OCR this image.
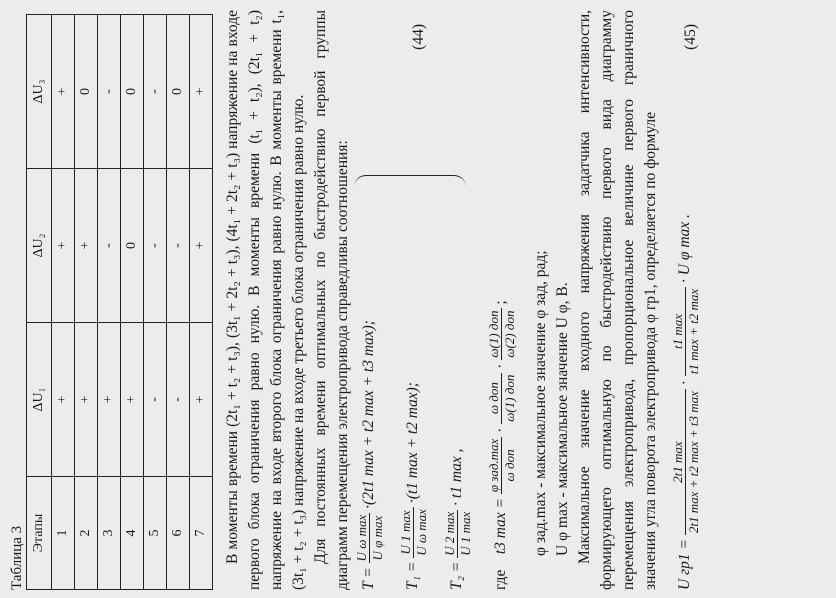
Таблица 3 Этапы	ΔU₁	ΔU₂	ΔU₃
1	+	+	+
2	+	+	0
3	+	-	-
4	+	0	0
5	-	-	-
6	-	-	0
7	+	+	+ В моменты времени (2t₁ + t₂ + t₃), (3t₁ + 2t₂ + t₃), (4t₁ + 2t₂ + t₃) напряжение на входе первого блока ограничения равно нулю. В моменты времени (t₁ + t₂), (2t₁ + t₂) напряжение на входе второго блока ограничения равно нулю. В моменты времени t₁, (3t₁ + t₂ + t₃) напряжение на входе третьего блока ограничения равно нулю. Для постоянных времени оптимальных по быстродействию первой группы диаграмм перемещения электропривода справедливы соотношения: T =
U ω max U φ max
·(2t1 max + t2 max + t3 max);
T₁ =
U 1 max U ω max
·(t1 max + t2 max);
(44)
T₂ =
U 2 max U 1 max
· t1 max ,
где    t3 max =
φ зад.max ω доп
·
ω доп ω(1) доп
·
ω(1) доп ω(2) доп
;	φ зад.max - максимальное значение φ зад, рад; U φ max - максимальное значение U φ, В. Максимальное значение входного напряжения задатчика интенсивности, формирующего оптимальную по быстродействию первого вида диаграмму перемещения электропривода, пропорциональное величине первого граничного значения угла поворота электропривода φ гр1, определяется по формуле	U гр1 =
2t1 max 2t1 max + t2 max + t3 max
·
t1 max t1 max + t2 max
· U φ max .
(45)
